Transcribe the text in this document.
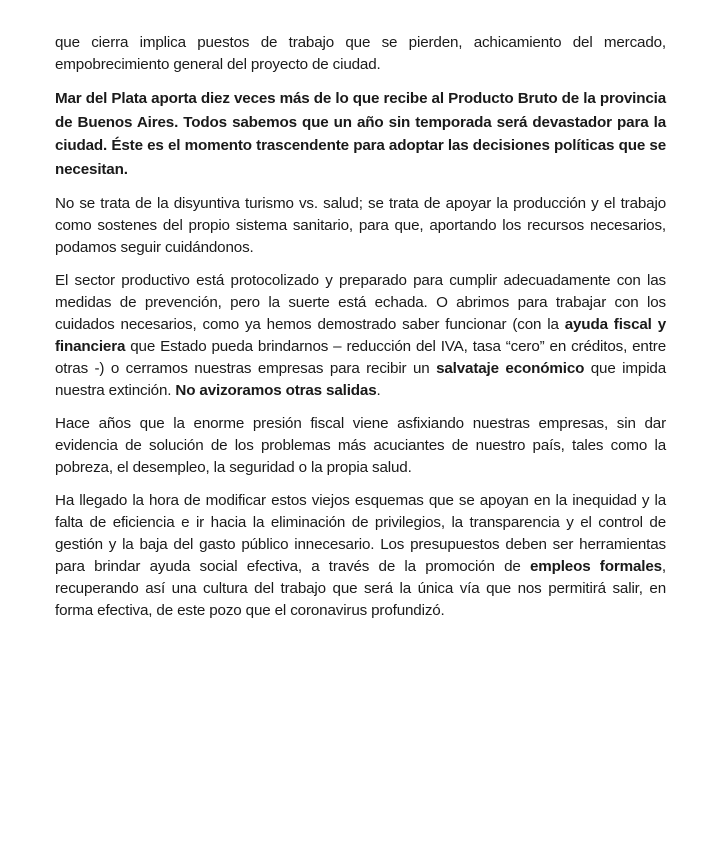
que cierra implica puestos de trabajo que se pierden, achicamiento del mercado, empobrecimiento general del proyecto de ciudad.

Mar del Plata aporta diez veces más de lo que recibe al Producto Bruto de la provincia de Buenos Aires. Todos sabemos que un año sin temporada será devastador para la ciudad. Éste es el momento trascendente para adoptar las decisiones políticas que se necesitan.

No se trata de la disyuntiva turismo vs. salud; se trata de apoyar la producción y el trabajo como sostenes del propio sistema sanitario, para que, aportando los recursos necesarios, podamos seguir cuidándonos.

El sector productivo está protocolizado y preparado para cumplir adecuadamente con las medidas de prevención, pero la suerte está echada. O abrimos para trabajar con los cuidados necesarios, como ya hemos demostrado saber funcionar (con la ayuda fiscal y financiera que Estado pueda brindarnos – reducción del IVA, tasa “cero” en créditos, entre otras -) o cerramos nuestras empresas para recibir un salvataje económico que impida nuestra extinción. No avizoramos otras salidas.

Hace años que la enorme presión fiscal viene asfixiando nuestras empresas, sin dar evidencia de solución de los problemas más acuciantes de nuestro país, tales como la pobreza, el desempleo, la seguridad o la propia salud.

Ha llegado la hora de modificar estos viejos esquemas que se apoyan en la inequidad y la falta de eficiencia e ir hacia la eliminación de privilegios, la transparencia y el control de gestión y la baja del gasto público innecesario. Los presupuestos deben ser herramientas para brindar ayuda social efectiva, a través de la promoción de empleos formales, recuperando así una cultura del trabajo que será la única vía que nos permitirá salir, en forma efectiva, de este pozo que el coronavirus profundizó.
